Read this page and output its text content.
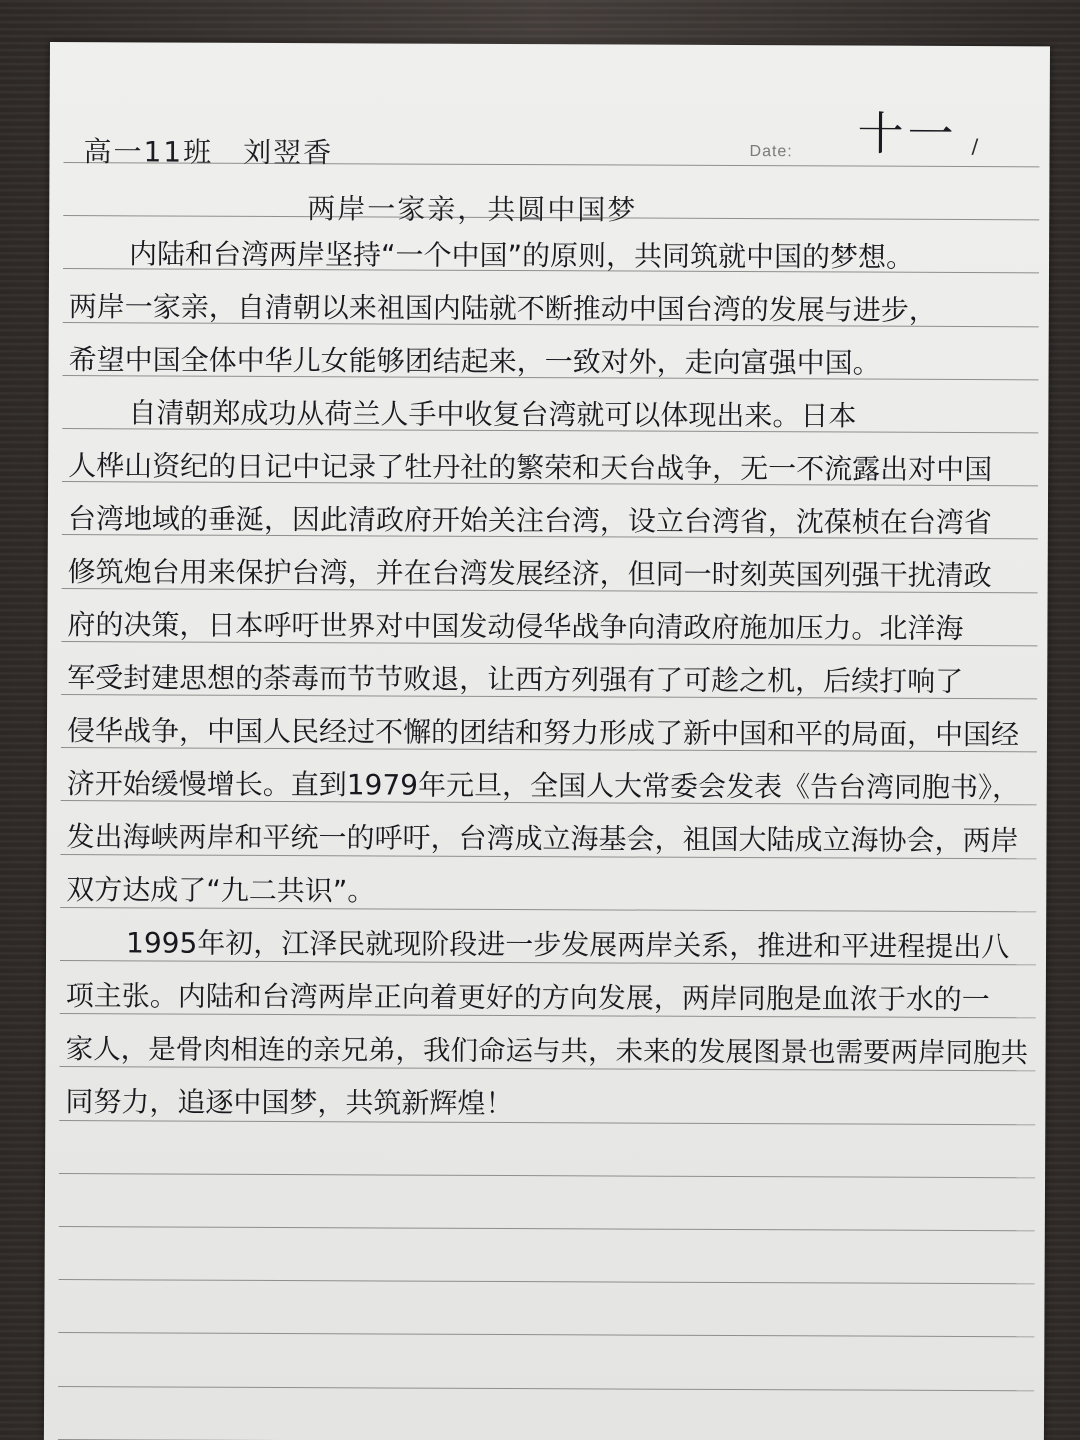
高一11班　刘翌香	Date: 十一 /
两岸一家亲，共圆中国梦
内陆和台湾两岸坚持“一个中国”的原则，共同筑就中国的梦想。
两岸一家亲，自清朝以来祖国内陆就不断推动中国台湾的发展与进步，
希望中国全体中华儿女能够团结起来，一致对外，走向富强中国。
自清朝郑成功从荷兰人手中收复台湾就可以体现出来。日本
人桦山资纪的日记中记录了牡丹社的繁荣和天台战争，无一不流露出对中国
台湾地域的垂涎，因此清政府开始关注台湾，设立台湾省，沈葆桢在台湾省
修筑炮台用来保护台湾，并在台湾发展经济，但同一时刻英国列强干扰清政
府的决策，日本呼吁世界对中国发动侵华战争向清政府施加压力。北洋海
军受封建思想的荼毒而节节败退，让西方列强有了可趁之机，后续打响了
侵华战争，中国人民经过不懈的团结和努力形成了新中国和平的局面，中国经
济开始缓慢增长。直到1979年元旦，全国人大常委会发表《告台湾同胞书》，
发出海峡两岸和平统一的呼吁，台湾成立海基会，祖国大陆成立海协会，两岸
双方达成了“九二共识”。
1995年初，江泽民就现阶段进一步发展两岸关系，推进和平进程提出八
项主张。内陆和台湾两岸正向着更好的方向发展，两岸同胞是血浓于水的一
家人，是骨肉相连的亲兄弟，我们命运与共，未来的发展图景也需要两岸同胞共
同努力，追逐中国梦，共筑新辉煌！
